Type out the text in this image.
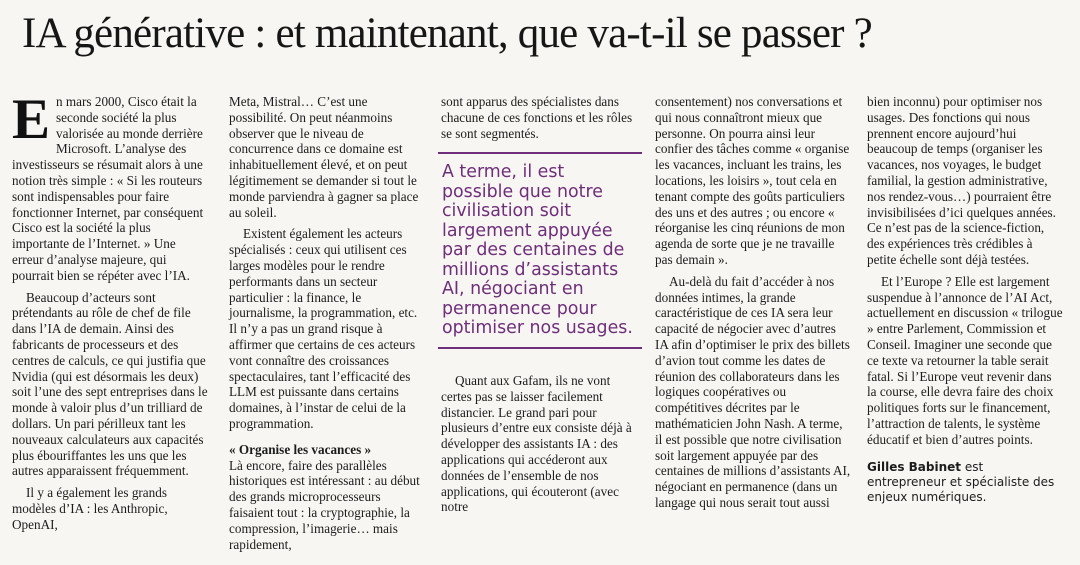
IA générative : et maintenant, que va-t-il se passer ?

En mars 2000, Cisco était la seconde société la plus valorisée au monde derrière Microsoft. L’analyse des investisseurs se résumait alors à une notion très simple : « Si les routeurs sont indispensables pour faire fonctionner Internet, par conséquent Cisco est la société la plus importante de l’Internet. » Une erreur d’analyse majeure, qui pourrait bien se répéter avec l’IA.

Beaucoup d’acteurs sont prétendants au rôle de chef de file dans l’IA de demain. Ainsi des fabricants de processeurs et des centres de calculs, ce qui justifia que Nvidia (qui est désormais les deux) soit l’une des sept entreprises dans le monde à valoir plus d’un trilliard de dollars. Un pari périlleux tant les nouveaux calculateurs aux capacités plus ébouriffantes les uns que les autres apparaissent fréquemment.

Il y a également les grands modèles d’IA : les Anthropic, OpenAI,

Meta, Mistral… C’est une possibilité. On peut néanmoins observer que le niveau de concurrence dans ce domaine est inhabituellement élevé, et on peut légitimement se demander si tout le monde parviendra à gagner sa place au soleil.

Existent également les acteurs spécialisés : ceux qui utilisent ces larges modèles pour le rendre performants dans un secteur particulier : la finance, le journalisme, la programmation, etc. Il n’y a pas un grand risque à affirmer que certains de ces acteurs vont connaître des croissances spectaculaires, tant l’efficacité des LLM est puissante dans certains domaines, à l’instar de celui de la programmation.

« Organise les vacances »

Là encore, faire des parallèles historiques est intéressant : au début des grands microprocesseurs faisaient tout : la cryptographie, la compression, l’imagerie… mais rapidement,

sont apparus des spécialistes dans chacune de ces fonctions et les rôles se sont segmentés.

A terme, il est possible que notre civilisation soit largement appuyée par des centaines de millions d’assistants AI, négociant en permanence pour optimiser nos usages.

Quant aux Gafam, ils ne vont certes pas se laisser facilement distancier. Le grand pari pour plusieurs d’entre eux consiste déjà à développer des assistants IA : des applications qui accéderont aux données de l’ensemble de nos applications, qui écouteront (avec notre

consentement) nos conversations et qui nous connaîtront mieux que personne. On pourra ainsi leur confier des tâches comme « organise les vacances, incluant les trains, les locations, les loisirs », tout cela en tenant compte des goûts particuliers des uns et des autres ; ou encore « réorganise les cinq réunions de mon agenda de sorte que je ne travaille pas demain ».

Au-delà du fait d’accéder à nos données intimes, la grande caractéristique de ces IA sera leur capacité de négocier avec d’autres IA afin d’optimiser le prix des billets d’avion tout comme les dates de réunion des collaborateurs dans les logiques coopératives ou compétitives décrites par le mathématicien John Nash. A terme, il est possible que notre civilisation soit largement appuyée par des centaines de millions d’assistants AI, négociant en permanence (dans un langage qui nous serait tout aussi

bien inconnu) pour optimiser nos usages. Des fonctions qui nous prennent encore aujourd’hui beaucoup de temps (organiser les vacances, nos voyages, le budget familial, la gestion administrative, nos rendez-vous…) pourraient être invisibilisées d’ici quelques années. Ce n’est pas de la science-fiction, des expériences très crédibles à petite échelle sont déjà testées.

Et l’Europe ? Elle est largement suspendue à l’annonce de l’AI Act, actuellement en discussion « trilogue » entre Parlement, Commission et Conseil. Imaginer une seconde que ce texte va retourner la table serait fatal. Si l’Europe veut revenir dans la course, elle devra faire des choix politiques forts sur le financement, l’attraction de talents, le système éducatif et bien d’autres points.

Gilles Babinet est entrepreneur et spécialiste des enjeux numériques.
